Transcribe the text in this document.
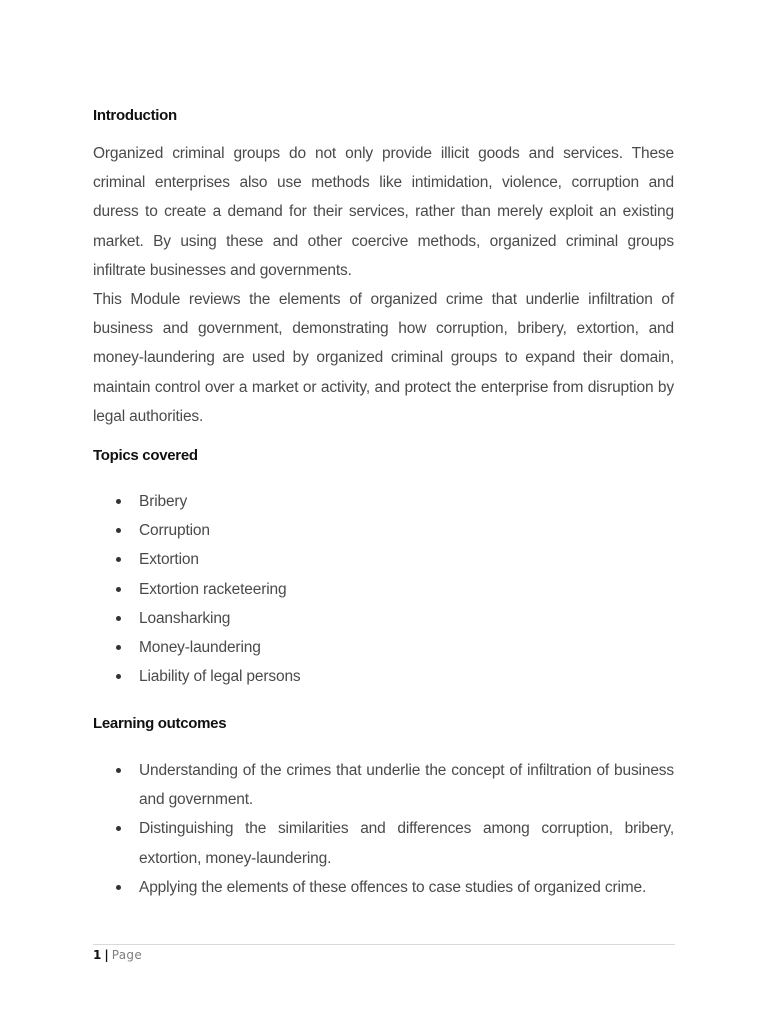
Introduction

Organized criminal groups do not only provide illicit goods and services. These criminal enterprises also use methods like intimidation, violence, corruption and duress to create a demand for their services, rather than merely exploit an existing market. By using these and other coercive methods, organized criminal groups infiltrate businesses and governments.

This Module reviews the elements of organized crime that underlie infiltration of business and government, demonstrating how corruption, bribery, extortion, and money-laundering are used by organized criminal groups to expand their domain, maintain control over a market or activity, and protect the enterprise from disruption by legal authorities.

Topics covered
Bribery
Corruption
Extortion
Extortion racketeering
Loansharking
Money-laundering
Liability of legal persons
Learning outcomes
Understanding of the crimes that underlie the concept of infiltration of business and government.
Distinguishing the similarities and differences among corruption, bribery, extortion, money-laundering.
Applying the elements of these offences to case studies of organized crime.
1 | Page
